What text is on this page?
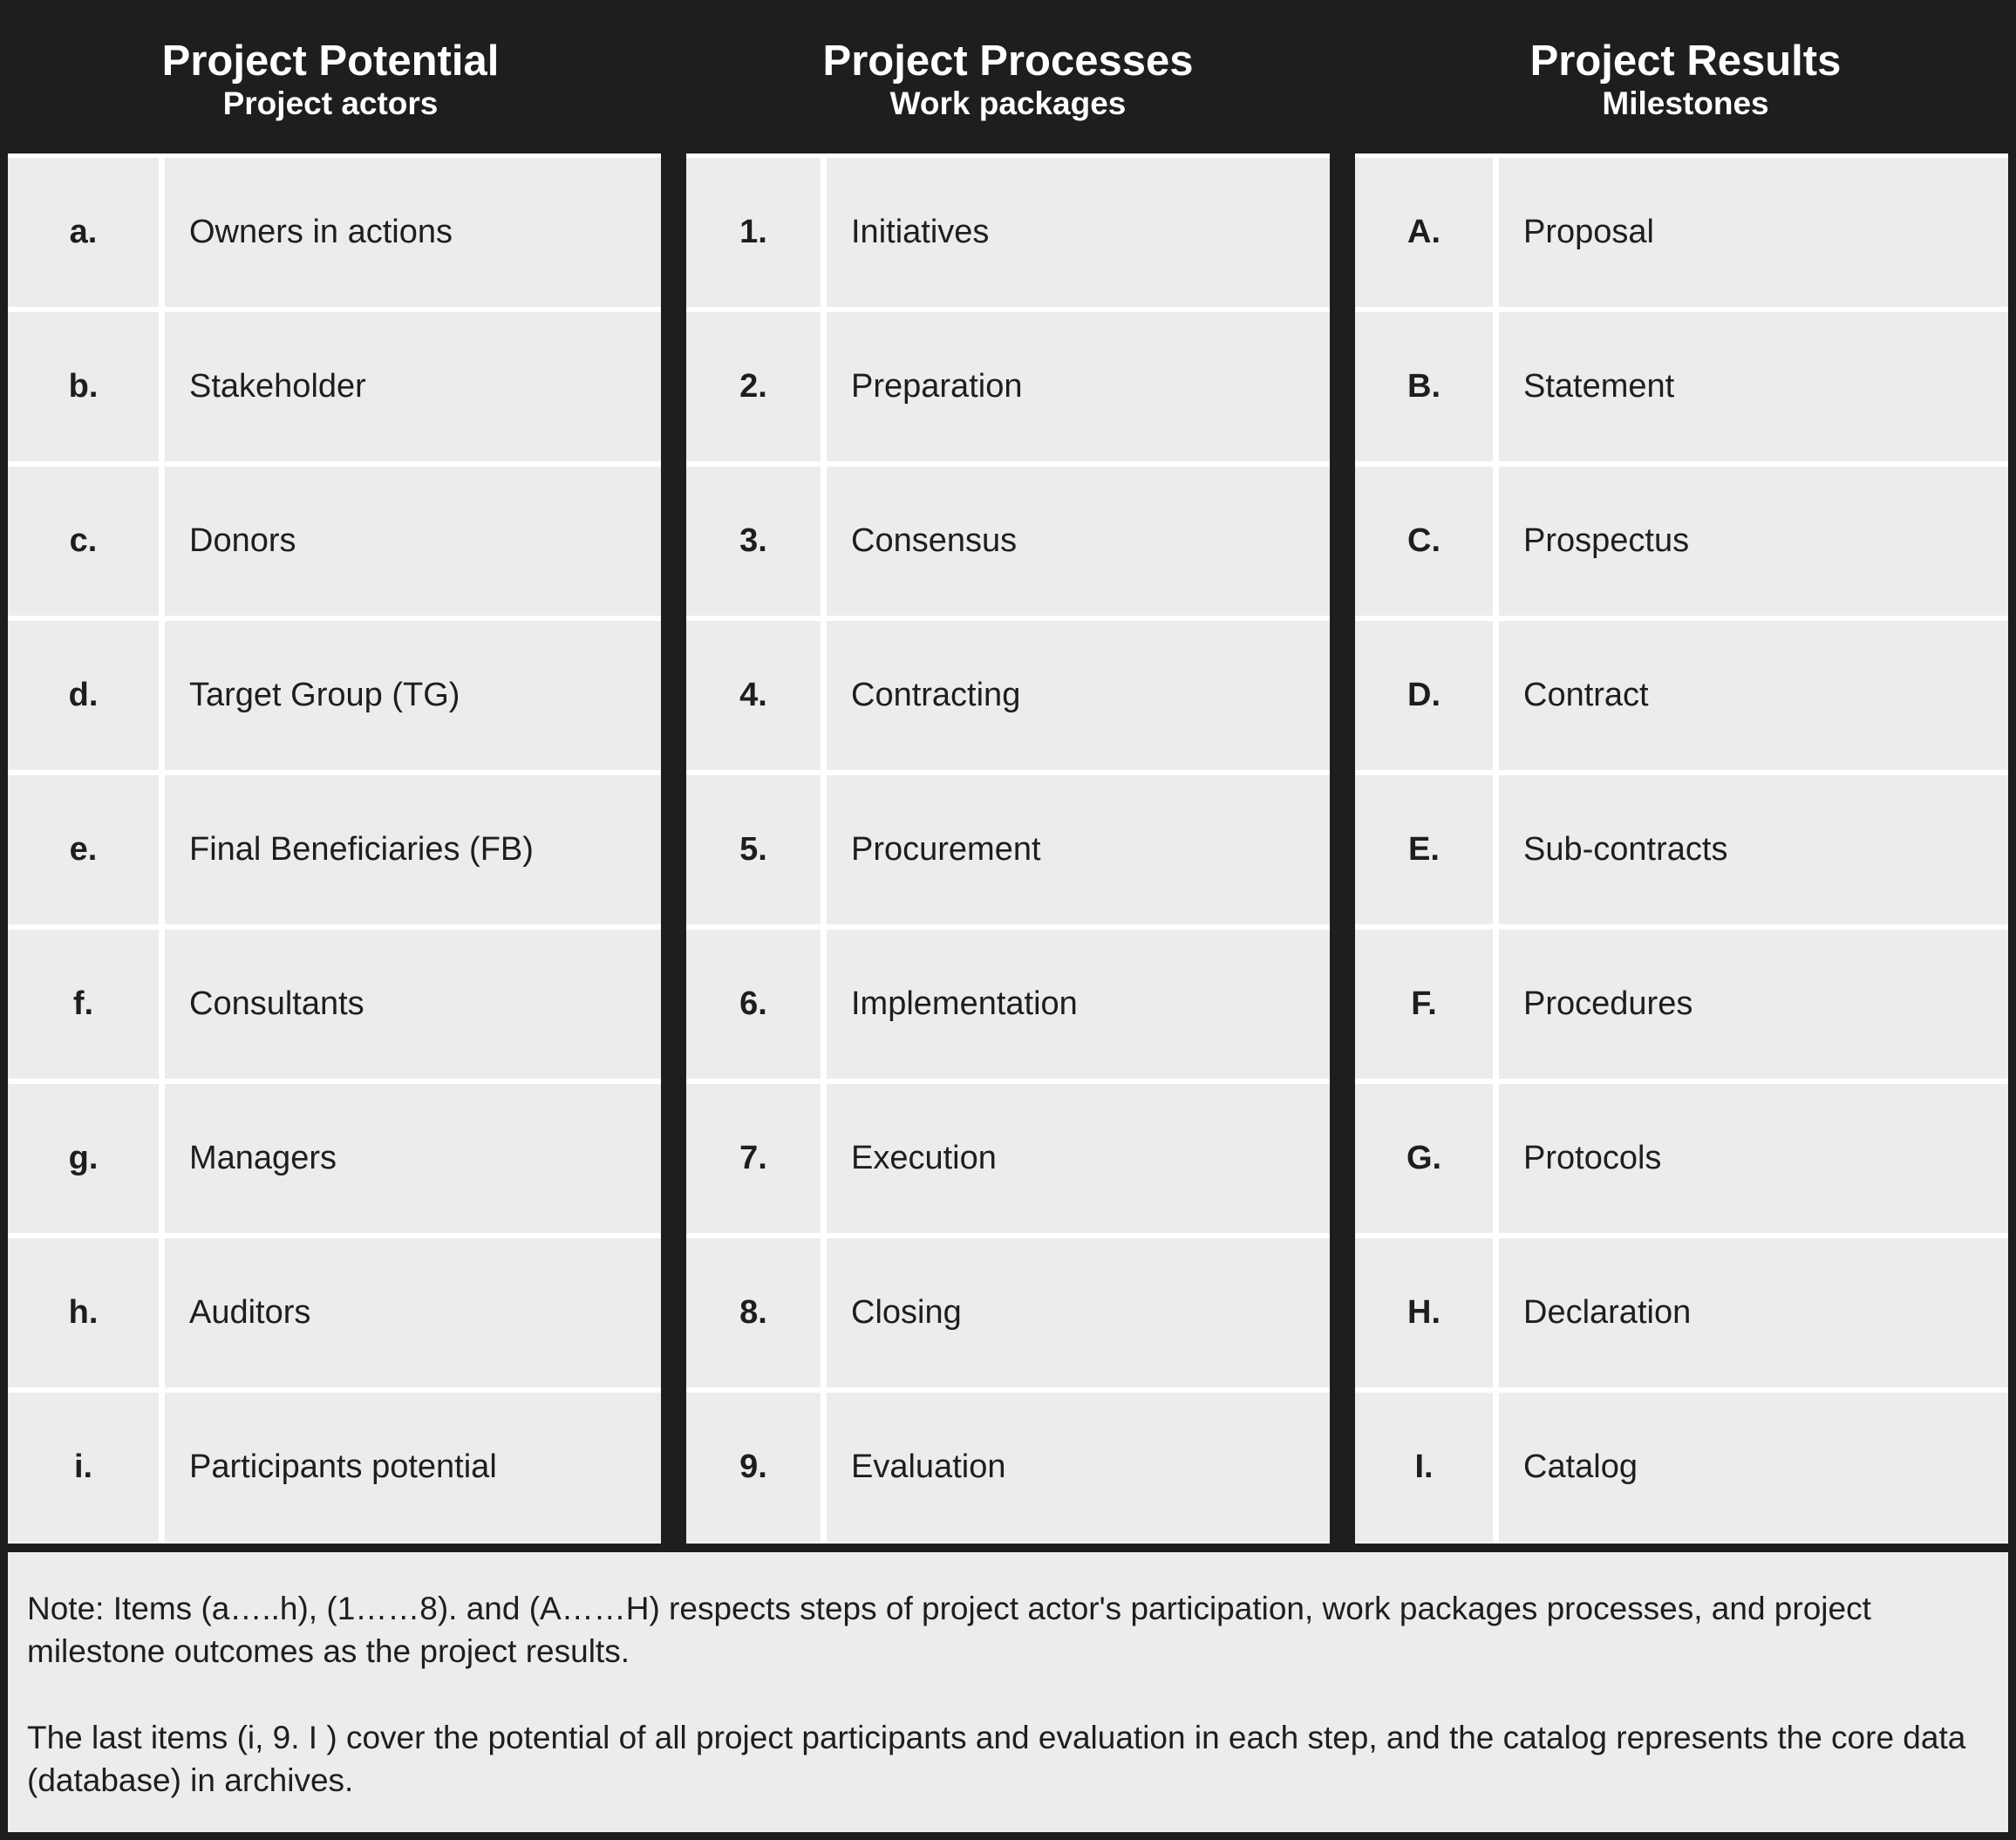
Project Potential
Project actors
a.	Owners in actions
b.	Stakeholder
c.	Donors
d.	Target Group (TG)
e.	Final Beneficiaries (FB)
f.	Consultants
g.	Managers
h.	Auditors
i.	Participants potential
Project Processes
Work packages
1.	Initiatives
2.	Preparation
3.	Consensus
4.	Contracting
5.	Procurement
6.	Implementation
7.	Execution
8.	Closing
9.	Evaluation
Project Results
Milestones
A.	Proposal
B.	Statement
C.	Prospectus
D.	Contract
E.	Sub-contracts
F.	Procedures
G.	Protocols
H.	Declaration
I.	Catalog

Note: Items (a…..h), (1……8). and (A……H) respects steps of project actor's participation, work packages processes, and project milestone outcomes as the project results.

The last items (i, 9. I ) cover the potential of all project participants and evaluation in each step, and the catalog represents the core data (database) in archives.
